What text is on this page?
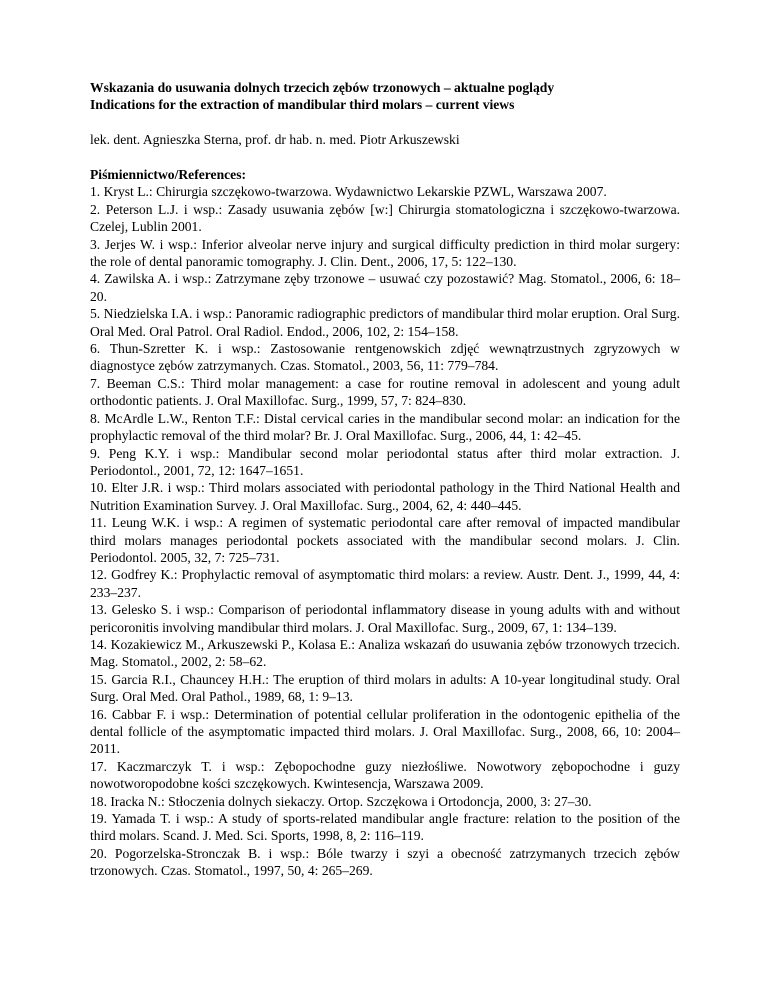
Wskazania do usuwania dolnych trzecich zębów trzonowych – aktualne poglądy
Indications for the extraction of mandibular third molars – current views
lek. dent. Agnieszka Sterna, prof. dr hab. n. med. Piotr Arkuszewski
Piśmiennictwo/References:
1. Kryst L.: Chirurgia szczękowo-twarzowa. Wydawnictwo Lekarskie PZWL, Warszawa 2007.
2. Peterson L.J. i wsp.: Zasady usuwania zębów [w:] Chirurgia stomatologiczna i szczękowo-twarzowa. Czelej, Lublin 2001.
3. Jerjes W. i wsp.: Inferior alveolar nerve injury and surgical difficulty prediction in third molar surgery: the role of dental panoramic tomography. J. Clin. Dent., 2006, 17, 5: 122–130.
4. Zawilska A. i wsp.: Zatrzymane zęby trzonowe – usuwać czy pozostawić? Mag. Stomatol., 2006, 6: 18–20.
5. Niedzielska I.A. i wsp.: Panoramic radiographic predictors of mandibular third molar eruption. Oral Surg. Oral Med. Oral Patrol. Oral Radiol. Endod., 2006, 102, 2: 154–158.
6. Thun-Szretter K. i wsp.: Zastosowanie rentgenowskich zdjęć wewnątrzustnych zgryzowych w diagnostyce zębów zatrzymanych. Czas. Stomatol., 2003, 56, 11: 779–784.
7. Beeman C.S.: Third molar management: a case for routine removal in adolescent and young adult orthodontic patients. J. Oral Maxillofac. Surg., 1999, 57, 7: 824–830.
8. McArdle L.W., Renton T.F.: Distal cervical caries in the mandibular second molar: an indication for the prophylactic removal of the third molar? Br. J. Oral Maxillofac. Surg., 2006, 44, 1: 42–45.
9. Peng K.Y. i wsp.: Mandibular second molar periodontal status after third molar extraction. J. Periodontol., 2001, 72, 12: 1647–1651.
10. Elter J.R. i wsp.: Third molars associated with periodontal pathology in the Third National Health and Nutrition Examination Survey. J. Oral Maxillofac. Surg., 2004, 62, 4: 440–445.
11. Leung W.K. i wsp.: A regimen of systematic periodontal care after removal of impacted mandibular third molars manages periodontal pockets associated with the mandibular second molars. J. Clin. Periodontol. 2005, 32, 7: 725–731.
12. Godfrey K.: Prophylactic removal of asymptomatic third molars: a review. Austr. Dent. J., 1999, 44, 4: 233–237.
13. Gelesko S. i wsp.: Comparison of periodontal inflammatory disease in young adults with and without pericoronitis involving mandibular third molars. J. Oral Maxillofac. Surg., 2009, 67, 1: 134–139.
14. Kozakiewicz M., Arkuszewski P., Kolasa E.: Analiza wskazań do usuwania zębów trzonowych trzecich. Mag. Stomatol., 2002, 2: 58–62.
15. Garcia R.I., Chauncey H.H.: The eruption of third molars in adults: A 10-year longitudinal study. Oral Surg. Oral Med. Oral Pathol., 1989, 68, 1: 9–13.
16. Cabbar F. i wsp.: Determination of potential cellular proliferation in the odontogenic epithelia of the dental follicle of the asymptomatic impacted third molars. J. Oral Maxillofac. Surg., 2008, 66, 10: 2004–2011.
17. Kaczmarczyk T. i wsp.: Zębopochodne guzy niezłośliwe. Nowotwory zębopochodne i guzy nowotworopodobne kości szczękowych. Kwintesencja, Warszawa 2009.
18. Iracka N.: Stłoczenia dolnych siekaczy. Ortop. Szczękowa i Ortodoncja, 2000, 3: 27–30.
19. Yamada T. i wsp.: A study of sports-related mandibular angle fracture: relation to the position of the third molars. Scand. J. Med. Sci. Sports, 1998, 8, 2: 116–119.
20. Pogorzelska-Stronczak B. i wsp.: Bóle twarzy i szyi a obecność zatrzymanych trzecich zębów trzonowych. Czas. Stomatol., 1997, 50, 4: 265–269.
